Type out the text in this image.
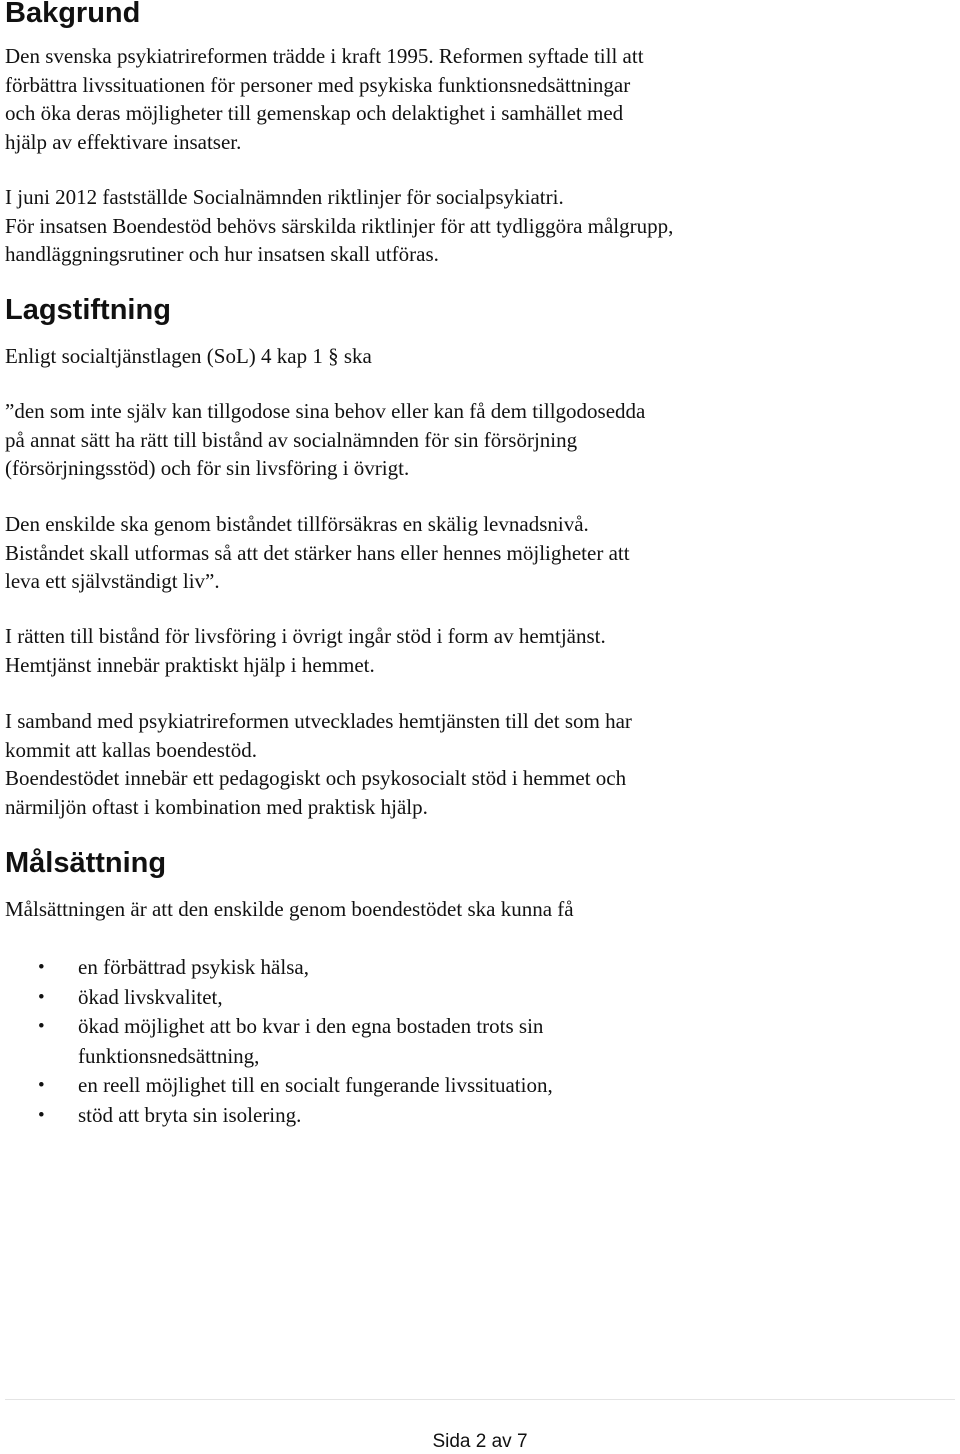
Bakgrund

Den svenska psykiatrireformen trädde i kraft 1995. Reformen syftade till att
förbättra livssituationen för personer med psykiska funktionsnedsättningar
och öka deras möjligheter till gemenskap och delaktighet i samhället med
hjälp av effektivare insatser.

I juni 2012 fastställde Socialnämnden riktlinjer för socialpsykiatri.
För insatsen Boendestöd behövs särskilda riktlinjer för att tydliggöra målgrupp,
handläggningsrutiner och hur insatsen skall utföras.

Lagstiftning

Enligt socialtjänstlagen (SoL) 4 kap 1 § ska

”den som inte själv kan tillgodose sina behov eller kan få dem tillgodosedda
på annat sätt ha rätt till bistånd av socialnämnden för sin försörjning
(försörjningsstöd) och för sin livsföring i övrigt.

Den enskilde ska genom biståndet tillförsäkras en skälig levnadsnivå.
Biståndet skall utformas så att det stärker hans eller hennes möjligheter att
leva ett självständigt liv”.

I rätten till bistånd för livsföring i övrigt ingår stöd i form av hemtjänst.
Hemtjänst innebär praktiskt hjälp i hemmet.

I samband med psykiatrireformen utvecklades hemtjänsten till det som har
kommit att kallas boendestöd.
Boendestödet innebär ett pedagogiskt och psykosocialt stöd i hemmet och
närmiljön oftast i kombination med praktisk hjälp.

Målsättning

Målsättningen är att den enskilde genom boendestödet ska kunna få

• en förbättrad psykisk hälsa,
• ökad livskvalitet,
• ökad möjlighet att bo kvar i den egna bostaden trots sin
funktionsnedsättning,
• en reell möjlighet till en socialt fungerande livssituation,
• stöd att bryta sin isolering.
Sida 2 av 7
